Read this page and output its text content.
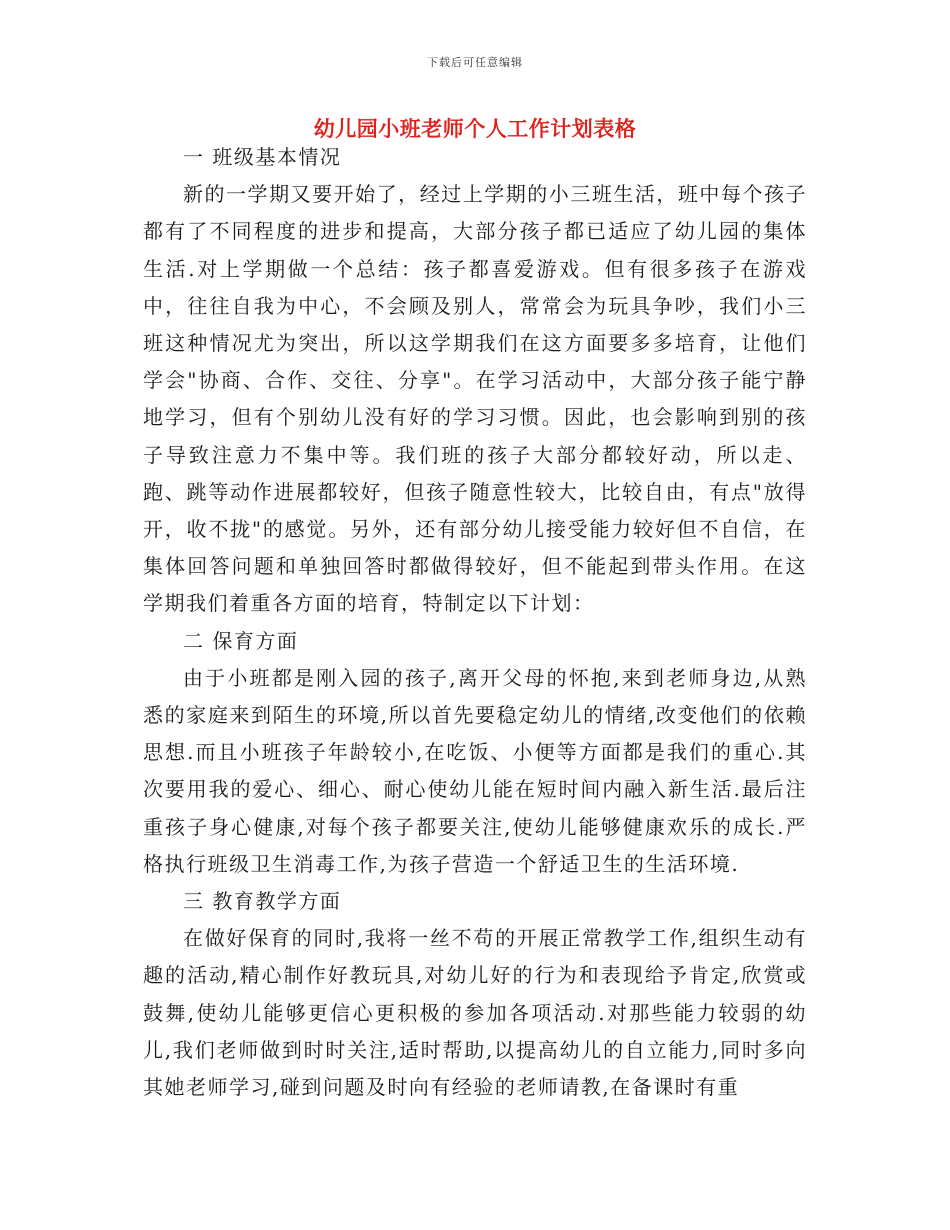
下载后可任意编辑
幼儿园小班老师个人工作计划表格
一 班级基本情况

新的一学期又要开始了，经过上学期的小三班生活，班中每个孩子都有了不同程度的进步和提高，大部分孩子都已适应了幼儿园的集体生活.对上学期做一个总结：孩子都喜爱游戏。但有很多孩子在游戏中，往往自我为中心，不会顾及别人，常常会为玩具争吵，我们小三班这种情况尤为突出，所以这学期我们在这方面要多多培育，让他们学会"协商、合作、交往、分享"。在学习活动中，大部分孩子能宁静地学习，但有个别幼儿没有好的学习习惯。因此，也会影响到别的孩子导致注意力不集中等。我们班的孩子大部分都较好动，所以走、跑、跳等动作进展都较好，但孩子随意性较大，比较自由，有点"放得开，收不拢"的感觉。另外，还有部分幼儿接受能力较好但不自信，在集体回答问题和单独回答时都做得较好，但不能起到带头作用。在这学期我们着重各方面的培育，特制定以下计划：

二 保育方面

由于小班都是刚入园的孩子,离开父母的怀抱,来到老师身边,从熟悉的家庭来到陌生的环境,所以首先要稳定幼儿的情绪,改变他们的依赖思想.而且小班孩子年龄较小,在吃饭、小便等方面都是我们的重心.其次要用我的爱心、细心、耐心使幼儿能在短时间内融入新生活.最后注重孩子身心健康,对每个孩子都要关注,使幼儿能够健康欢乐的成长.严格执行班级卫生消毒工作,为孩子营造一个舒适卫生的生活环境.

三 教育教学方面

在做好保育的同时,我将一丝不苟的开展正常教学工作,组织生动有趣的活动,精心制作好教玩具,对幼儿好的行为和表现给予肯定,欣赏或鼓舞,使幼儿能够更信心更积极的参加各项活动.对那些能力较弱的幼儿,我们老师做到时时关注,适时帮助,以提高幼儿的自立能力,同时多向其她老师学习,碰到问题及时向有经验的老师请教,在备课时有重
